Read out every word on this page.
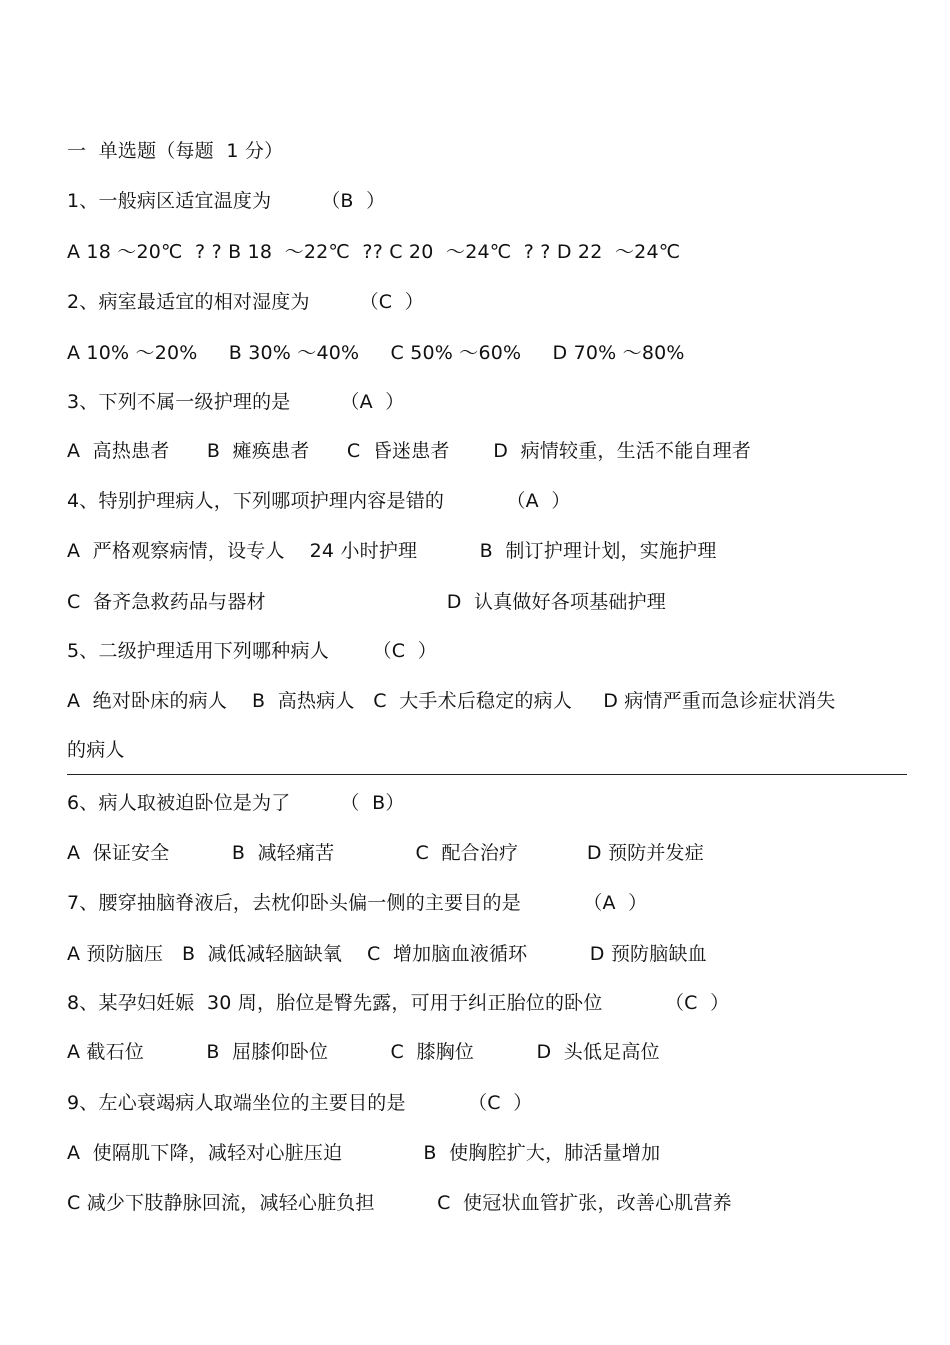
一  单选题（每题  1 分）
1、一般病区适宜温度为        （B  ）
A 18 ～20℃  ? ? B 18  ～22℃  ?? C 20  ～24℃  ? ? D 22  ～24℃
2、病室最适宜的相对湿度为        （C  ）
A 10% ～20%     B 30% ～40%     C 50% ～60%     D 70% ～80%
3、下列不属一级护理的是        （A  ）
A  高热患者      B  瘫痪患者      C  昏迷患者       D  病情较重，生活不能自理者
4、特别护理病人，下列哪项护理内容是错的          （A  ）
A  严格观察病情，设专人    24 小时护理          B  制订护理计划，实施护理
C  备齐急救药品与器材                             D  认真做好各项基础护理
5、二级护理适用下列哪种病人       （C  ）
A  绝对卧床的病人    B  高热病人   C  大手术后稳定的病人     D 病情严重而急诊症状消失
的病人
6、病人取被迫卧位是为了        （  B）
A  保证安全          B  减轻痛苦             C  配合治疗           D 预防并发症
7、腰穿抽脑脊液后，去枕仰卧头偏一侧的主要目的是          （A  ）
A 预防脑压   B  减低减轻脑缺氧    C  增加脑血液循环          D 预防脑缺血
8、某孕妇妊娠  30 周，胎位是臀先露，可用于纠正胎位的卧位          （C  ）
A 截石位          B  屈膝仰卧位          C  膝胸位          D  头低足高位
9、左心衰竭病人取端坐位的主要目的是          （C  ）
A  使隔肌下降，减轻对心脏压迫             B  使胸腔扩大，肺活量增加
C 减少下肢静脉回流，减轻心脏负担          C  使冠状血管扩张，改善心肌营养
